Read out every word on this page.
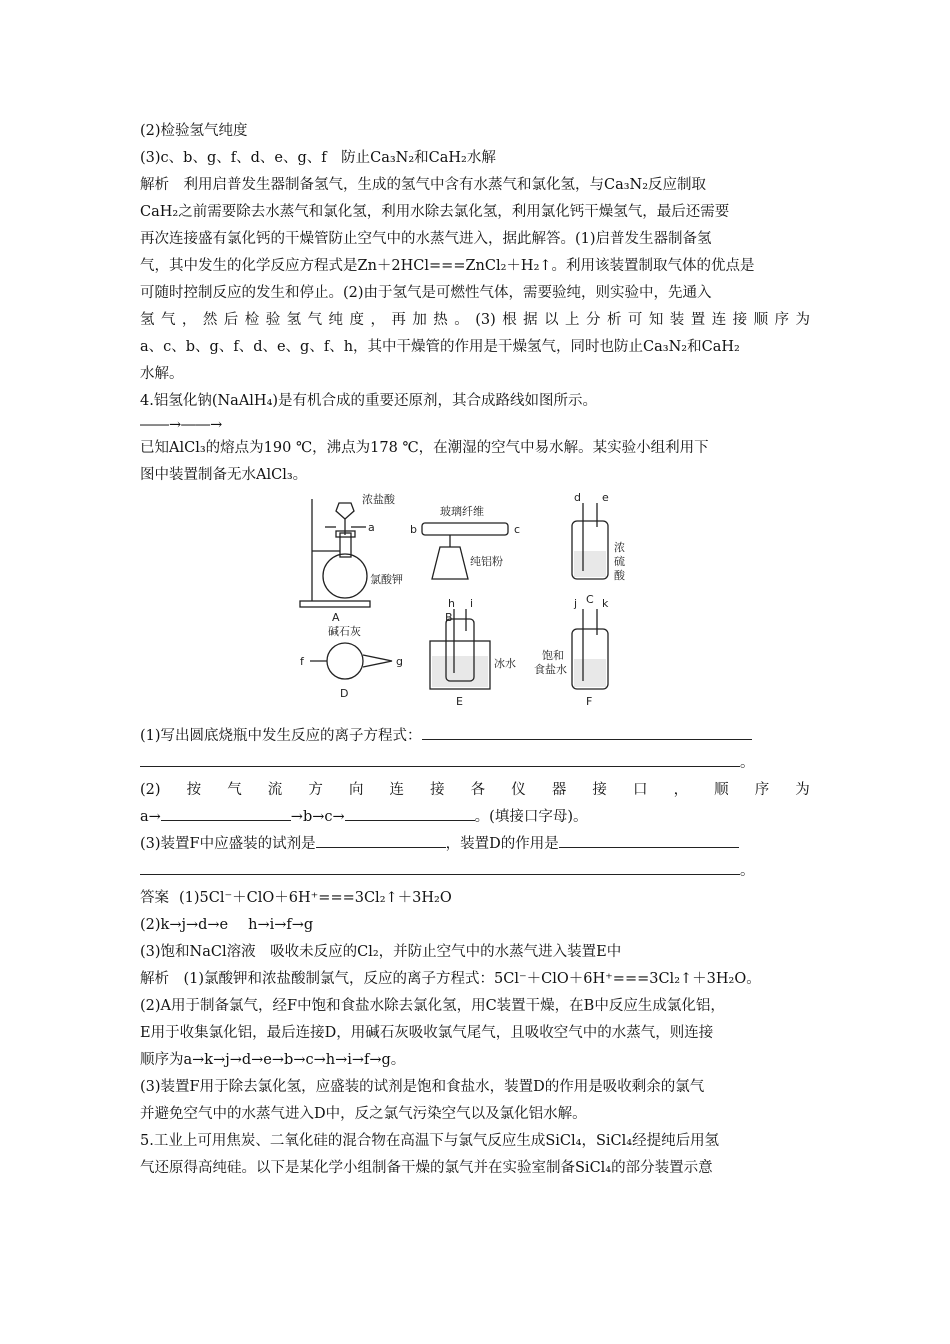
(2)检验氢气纯度
(3)c、b、g、f、d、e、g、f　防止Ca₃N₂和CaH₂水解
解析　利用启普发生器制备氢气，生成的氢气中含有水蒸气和氯化氢，与Ca₃N₂反应制取
CaH₂之前需要除去水蒸气和氯化氢，利用水除去氯化氢，利用氯化钙干燥氢气，最后还需要
再次连接盛有氯化钙的干燥管防止空气中的水蒸气进入，据此解答。(1)启普发生器制备氢
气，其中发生的化学反应方程式是Zn＋2HCl===ZnCl₂＋H₂↑。利用该装置制取气体的优点是
可随时控制反应的发生和停止。(2)由于氢气是可燃性气体，需要验纯，则实验中，先通入
氢气，然后检验氢气纯度，再加热。(3)根据以上分析可知装置连接顺序为
a、c、b、g、f、d、e、g、f、h，其中干燥管的作用是干燥氢气，同时也防止Ca₃N₂和CaH₂
水解。
4.铝氢化钠(NaAlH₄)是有机合成的重要还原剂，其合成路线如图所示。
――→――→
已知AlCl₃的熔点为190 ℃，沸点为178 ℃，在潮湿的空气中易水解。某实验小组利用下
图中装置制备无水AlCl₃。
浓盐酸
a
氯酸钾
A
玻璃纤维
b	c
纯铝粉
B
d e
浓
硫
酸
C
碱石灰
f	g
D
h i
冰水
E
j k
饱和
食盐水
F
(1)写出圆底烧瓶中发生反应的离子方程式：
。
(2) 按 气 流 方 向 连 接 各 仪 器 接 口 ， 顺 序 为
a→	→b→c→	。(填接口字母)。
(3)装置F中应盛装的试剂是	，装置D的作用是
。
答案 (1)5Cl⁻＋ClO＋6H⁺===3Cl₂↑＋3H₂O
(2)k→j→d→e h→i→f→g
(3)饱和NaCl溶液　吸收未反应的Cl₂，并防止空气中的水蒸气进入装置E中
解析　(1)氯酸钾和浓盐酸制氯气，反应的离子方程式：5Cl⁻＋ClO＋6H⁺===3Cl₂↑＋3H₂O。
(2)A用于制备氯气，经F中饱和食盐水除去氯化氢，用C装置干燥，在B中反应生成氯化铝，
E用于收集氯化铝，最后连接D，用碱石灰吸收氯气尾气，且吸收空气中的水蒸气，则连接
顺序为a→k→j→d→e→b→c→h→i→f→g。
(3)装置F用于除去氯化氢，应盛装的试剂是饱和食盐水，装置D的作用是吸收剩余的氯气
并避免空气中的水蒸气进入D中，反之氯气污染空气以及氯化铝水解。
5.工业上可用焦炭、二氧化硅的混合物在高温下与氯气反应生成SiCl₄，SiCl₄经提纯后用氢
气还原得高纯硅。以下是某化学小组制备干燥的氯气并在实验室制备SiCl₄的部分装置示意
